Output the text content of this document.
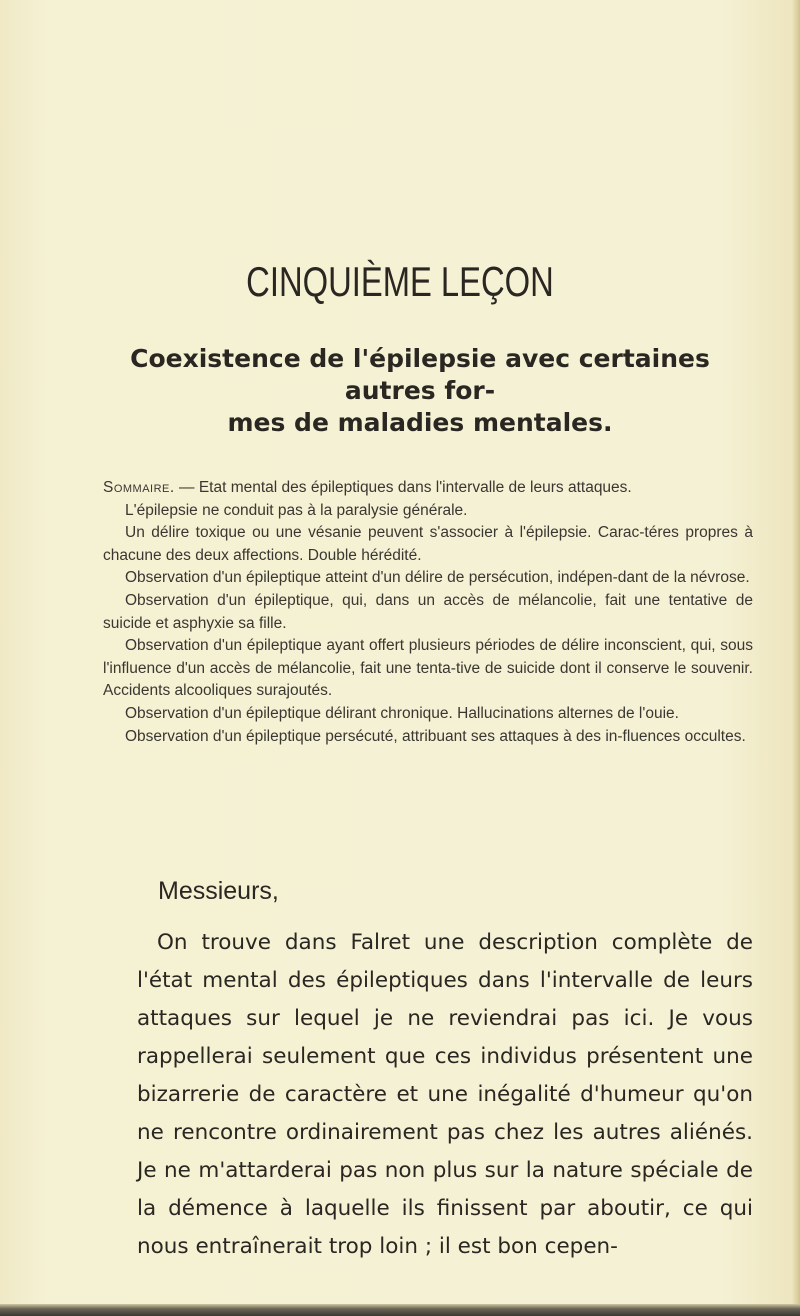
CINQUIÈME LEÇON
Coexistence de l'épilepsie avec certaines autres for-
mes de maladies mentales.

Sommaire. — Etat mental des épileptiques dans l'intervalle de leurs attaques.

L'épilepsie ne conduit pas à la paralysie générale.

Un délire toxique ou une vésanie peuvent s'associer à l'épilepsie. Carac-téres propres à chacune des deux affections. Double hérédité.

Observation d'un épileptique atteint d'un délire de persécution, indépen-dant de la névrose.

Observation d'un épileptique, qui, dans un accès de mélancolie, fait une tentative de suicide et asphyxie sa fille.

Observation d'un épileptique ayant offert plusieurs périodes de délire inconscient, qui, sous l'influence d'un accès de mélancolie, fait une tenta-tive de suicide dont il conserve le souvenir. Accidents alcooliques surajoutés.

Observation d'un épileptique délirant chronique. Hallucinations alternes de l'ouie.

Observation d'un épileptique persécuté, attribuant ses attaques à des in-fluences occultes.

Messieurs,

On trouve dans Falret une description complète de l'état mental des épileptiques dans l'intervalle de leurs attaques sur lequel je ne reviendrai pas ici. Je vous rappellerai seulement que ces individus présentent une bizarrerie de caractère et une inégalité d'humeur qu'on ne rencontre ordinairement pas chez les autres aliénés. Je ne m'attarderai pas non plus sur la nature spéciale de la démence à laquelle ils finissent par aboutir, ce qui nous entraînerait trop loin ; il est bon cepen-
